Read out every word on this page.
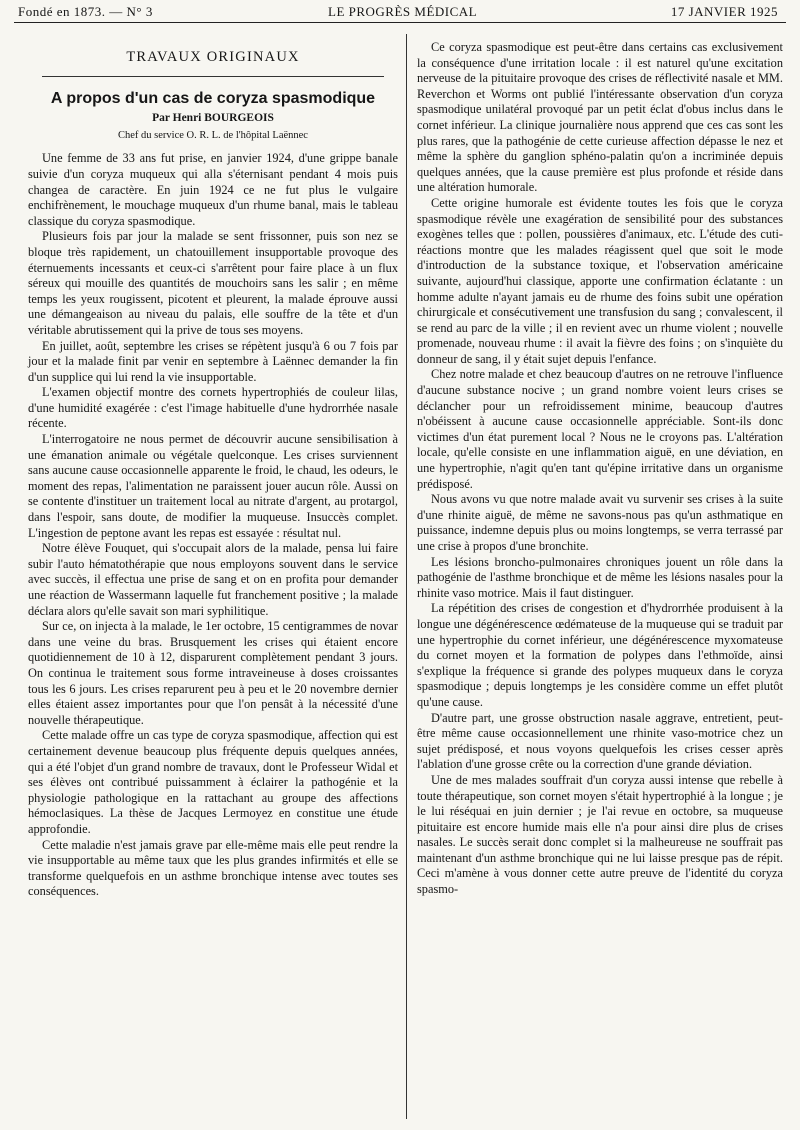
Fondé en 1873. — N° 3	LE PROGRÈS MÉDICAL	17 JANVIER 1925
TRAVAUX ORIGINAUX
A propos d'un cas de coryza spasmodique
Par Henri BOURGEOIS
Chef du service O. R. L. de l'hôpital Laënnec

Une femme de 33 ans fut prise, en janvier 1924, d'une grippe banale suivie d'un coryza muqueux qui alla s'éternisant pendant 4 mois puis changea de caractère. En juin 1924 ce ne fut plus le vulgaire enchifrènement, le mouchage muqueux d'un rhume banal, mais le tableau classique du coryza spasmodique.

Plusieurs fois par jour la malade se sent frissonner, puis son nez se bloque très rapidement, un chatouillement insupportable provoque des éternuements incessants et ceux-ci s'arrêtent pour faire place à un flux séreux qui mouille des quantités de mouchoirs sans les salir ; en même temps les yeux rougissent, picotent et pleurent, la malade éprouve aussi une démangeaison au niveau du palais, elle souffre de la tête et d'un véritable abrutissement qui la prive de tous ses moyens.

En juillet, août, septembre les crises se répètent jusqu'à 6 ou 7 fois par jour et la malade finit par venir en septembre à Laënnec demander la fin d'un supplice qui lui rend la vie insupportable.

L'examen objectif montre des cornets hypertrophiés de couleur lilas, d'une humidité exagérée : c'est l'image habituelle d'une hydrorrhée nasale récente.

L'interrogatoire ne nous permet de découvrir aucune sensibilisation à une émanation animale ou végétale quelconque. Les crises surviennent sans aucune cause occasionnelle apparente le froid, le chaud, les odeurs, le moment des repas, l'alimentation ne paraissent jouer aucun rôle. Aussi on se contente d'instituer un traitement local au nitrate d'argent, au protargol, dans l'espoir, sans doute, de modifier la muqueuse. Insuccès complet. L'ingestion de peptone avant les repas est essayée : résultat nul.

Notre élève Fouquet, qui s'occupait alors de la malade, pensa lui faire subir l'auto hématothérapie que nous employons souvent dans le service avec succès, il effectua une prise de sang et on en profita pour demander une réaction de Wassermann laquelle fut franchement positive ; la malade déclara alors qu'elle savait son mari syphilitique.

Sur ce, on injecta à la malade, le 1er octobre, 15 centigrammes de novar dans une veine du bras. Brusquement les crises qui étaient encore quotidiennement de 10 à 12, disparurent complètement pendant 3 jours. On continua le traitement sous forme intraveineuse à doses croissantes tous les 6 jours. Les crises reparurent peu à peu et le 20 novembre dernier elles étaient assez importantes pour que l'on pensât à la nécessité d'une nouvelle thérapeutique.

Cette malade offre un cas type de coryza spasmodique, affection qui est certainement devenue beaucoup plus fréquente depuis quelques années, qui a été l'objet d'un grand nombre de travaux, dont le Professeur Widal et ses élèves ont contribué puissamment à éclairer la pathogénie et la physiologie pathologique en la rattachant au groupe des affections hémoclasiques. La thèse de Jacques Lermoyez en constitue une étude approfondie.

Cette maladie n'est jamais grave par elle-même mais elle peut rendre la vie insupportable au même taux que les plus grandes infirmités et elle se transforme quelquefois en un asthme bronchique intense avec toutes ses conséquences.

Ce coryza spasmodique est peut-être dans certains cas exclusivement la conséquence d'une irritation locale : il est naturel qu'une excitation nerveuse de la pituitaire provoque des crises de réflectivité nasale et MM. Reverchon et Worms ont publié l'intéressante observation d'un coryza spasmodique unilatéral provoqué par un petit éclat d'obus inclus dans le cornet inférieur. La clinique journalière nous apprend que ces cas sont les plus rares, que la pathogénie de cette curieuse affection dépasse le nez et même la sphère du ganglion sphéno-palatin qu'on a incriminée depuis quelques années, que la cause première est plus profonde et réside dans une altération humorale.

Cette origine humorale est évidente toutes les fois que le coryza spasmodique révèle une exagération de sensibilité pour des substances exogènes telles que : pollen, poussières d'animaux, etc. L'étude des cuti-réactions montre que les malades réagissent quel que soit le mode d'introduction de la substance toxique, et l'observation américaine suivante, aujourd'hui classique, apporte une confirmation éclatante : un homme adulte n'ayant jamais eu de rhume des foins subit une opération chirurgicale et consécutivement une transfusion du sang ; convalescent, il se rend au parc de la ville ; il en revient avec un rhume violent ; nouvelle promenade, nouveau rhume : il avait la fièvre des foins ; on s'inquiète du donneur de sang, il y était sujet depuis l'enfance.

Chez notre malade et chez beaucoup d'autres on ne retrouve l'influence d'aucune substance nocive ; un grand nombre voient leurs crises se déclancher pour un refroidissement minime, beaucoup d'autres n'obéissent à aucune cause occasionnelle appréciable. Sont-ils donc victimes d'un état purement local ? Nous ne le croyons pas. L'altération locale, qu'elle consiste en une inflammation aiguë, en une déviation, en une hypertrophie, n'agit qu'en tant qu'épine irritative dans un organisme prédisposé.

Nous avons vu que notre malade avait vu survenir ses crises à la suite d'une rhinite aiguë, de même ne savons-nous pas qu'un asthmatique en puissance, indemne depuis plus ou moins longtemps, se verra terrassé par une crise à propos d'une bronchite.

Les lésions broncho-pulmonaires chroniques jouent un rôle dans la pathogénie de l'asthme bronchique et de même les lésions nasales pour la rhinite vaso motrice. Mais il faut distinguer.

La répétition des crises de congestion et d'hydrorrhée produisent à la longue une dégénérescence œdémateuse de la muqueuse qui se traduit par une hypertrophie du cornet inférieur, une dégénérescence myxomateuse du cornet moyen et la formation de polypes dans l'ethmoïde, ainsi s'explique la fréquence si grande des polypes muqueux dans le coryza spasmodique ; depuis longtemps je les considère comme un effet plutôt qu'une cause.

D'autre part, une grosse obstruction nasale aggrave, entretient, peut-être même cause occasionnellement une rhinite vaso-motrice chez un sujet prédisposé, et nous voyons quelquefois les crises cesser après l'ablation d'une grosse crête ou la correction d'une grande déviation.

Une de mes malades souffrait d'un coryza aussi intense que rebelle à toute thérapeutique, son cornet moyen s'était hypertrophié à la longue ; je le lui réséquai en juin dernier ; je l'ai revue en octobre, sa muqueuse pituitaire est encore humide mais elle n'a pour ainsi dire plus de crises nasales. Le succès serait donc complet si la malheureuse ne souffrait pas maintenant d'un asthme bronchique qui ne lui laisse presque pas de répit. Ceci m'amène à vous donner cette autre preuve de l'identité du coryza spasmo-
